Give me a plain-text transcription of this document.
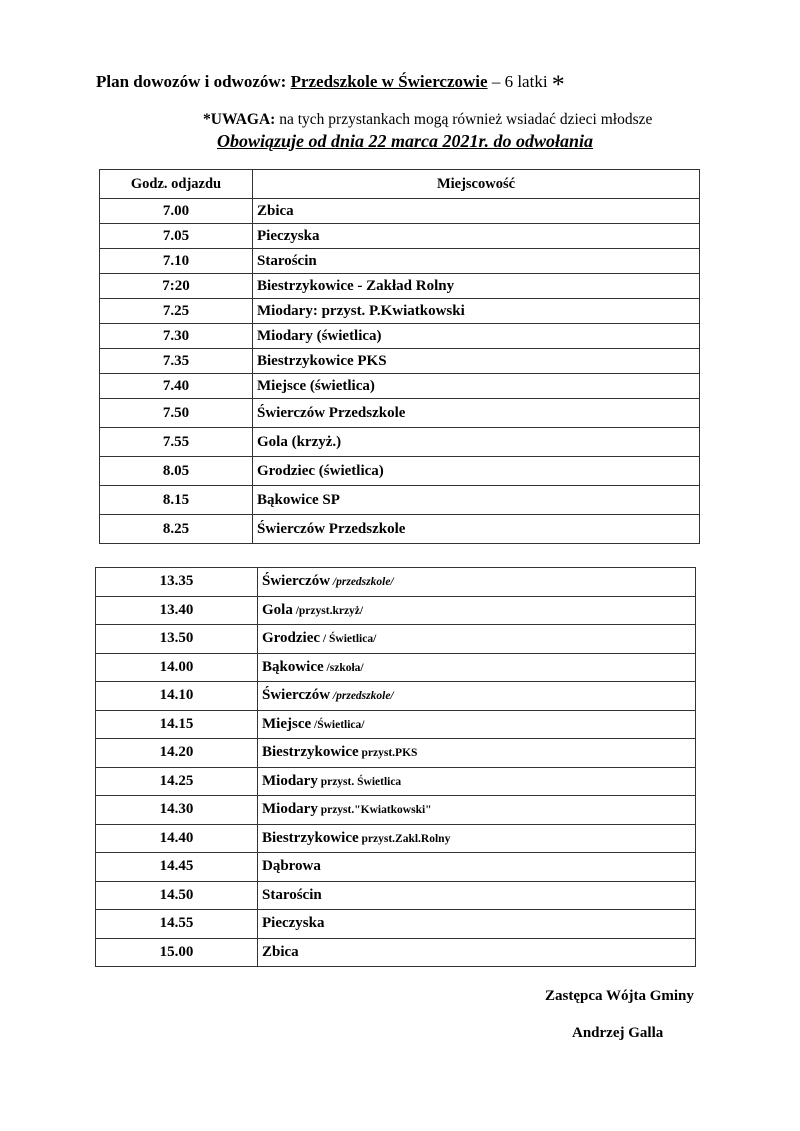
Plan dowozów i odwozów: Przedszkole w Świerczowie – 6 latki *
*UWAGA: na tych przystankach mogą również wsiadać dzieci młodsze
Obowiązuje od dnia 22 marca 2021r. do odwołania
Godz. odjazdu	Miejscowość
7.00	Zbica
7.05	Pieczyska
7.10	Starościn
7:20	Biestrzykowice - Zakład Rolny
7.25	Miodary: przyst. P.Kwiatkowski
7.30	Miodary (świetlica)
7.35	Biestrzykowice PKS
7.40	Miejsce (świetlica)
7.50	Świerczów Przedszkole
7.55	Gola (krzyż.)
8.05	Grodziec (świetlica)
8.15	Bąkowice SP
8.25	Świerczów Przedszkole
13.35	Świerczów /przedszkole/
13.40	Gola /przyst.krzyż/
13.50	Grodziec / Świetlica/
14.00	Bąkowice /szkoła/
14.10	Świerczów /przedszkole/
14.15	Miejsce /Świetlica/
14.20	Biestrzykowice przyst.PKS
14.25	Miodary przyst. Świetlica
14.30	Miodary przyst."Kwiatkowski"
14.40	Biestrzykowice przyst.Zakl.Rolny
14.45	Dąbrowa
14.50	Starościn
14.55	Pieczyska
15.00	Zbica
Zastępca Wójta Gminy
Andrzej Galla
